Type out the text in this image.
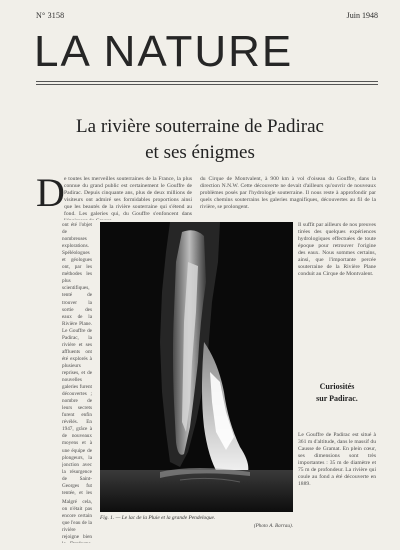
N° 3158	Juin 1948
LA NATURE
La rivière souterraine de Padirac
et ses énigmes
D e toutes les merveilles souterraines de la France, la plus connue du grand public est certainement le Gouffre de Padirac. Depuis cinquante ans, plus de deux millions de visiteurs ont admiré ses formidables proportions ainsi que les beautés de la rivière souterraine qui s'étend au fond. Les galeries qui, du Gouffre s'enfoncent dans
du Cirque de Montvalent, à 900 km à vol d'oiseau du Gouffre, dans la direction N.N.W. Cette découverte ne devait d'ailleurs qu'ouvrir de nouveaux problèmes posés par l'hydrologie souterraine. Il nous reste à approfondir par quels chemins souterrains les galeries magnifiques, découvertes au fil de la rivière, se prolongent.
ont été l'objet de nombreuses explorations. Spéléologues et géologues ont, par les méthodes les plus scientifiques, tenté de trouver la sortie des eaux de la Rivière Plane. Le Gouffre de Padirac, la rivière et ses affluents ont été explorés à plusieurs reprises, et de nouvelles galeries furent découvertes ; nombre de leurs secrets furent enfin révélés. En 1947, grâce à de nouveaux moyens et à une équipe de plongeurs, la jonction avec la résurgence de Saint-Georges fut tentée, et les
Malgré cela, on n'était pas encore certain que l'eau de la rivière rejoigne bien
Il suffit par ailleurs de nos preuves tirées des quelques expériences hydrologiques effectuées de toute époque pour retrouver l'origine des eaux. Nous sommes certains, ainsi, que l'importante percée souterraine de la Rivière Plane conduit au Cirque de Montvalent.
Curiosités
sur Padirac.
Le Gouffre de Padirac est situé à 361 m d'altitude, dans le massif du Causse de Gramat. En plein cœur, ses dimensions sont très importantes : 35 m de diamètre et 75 m de profondeur. La rivière qui coule au fond a été découverte en 1889.
Fig. 1. — Le lac de la Pluie et la grande Pendeloque.
(Photo A. Barrau).
